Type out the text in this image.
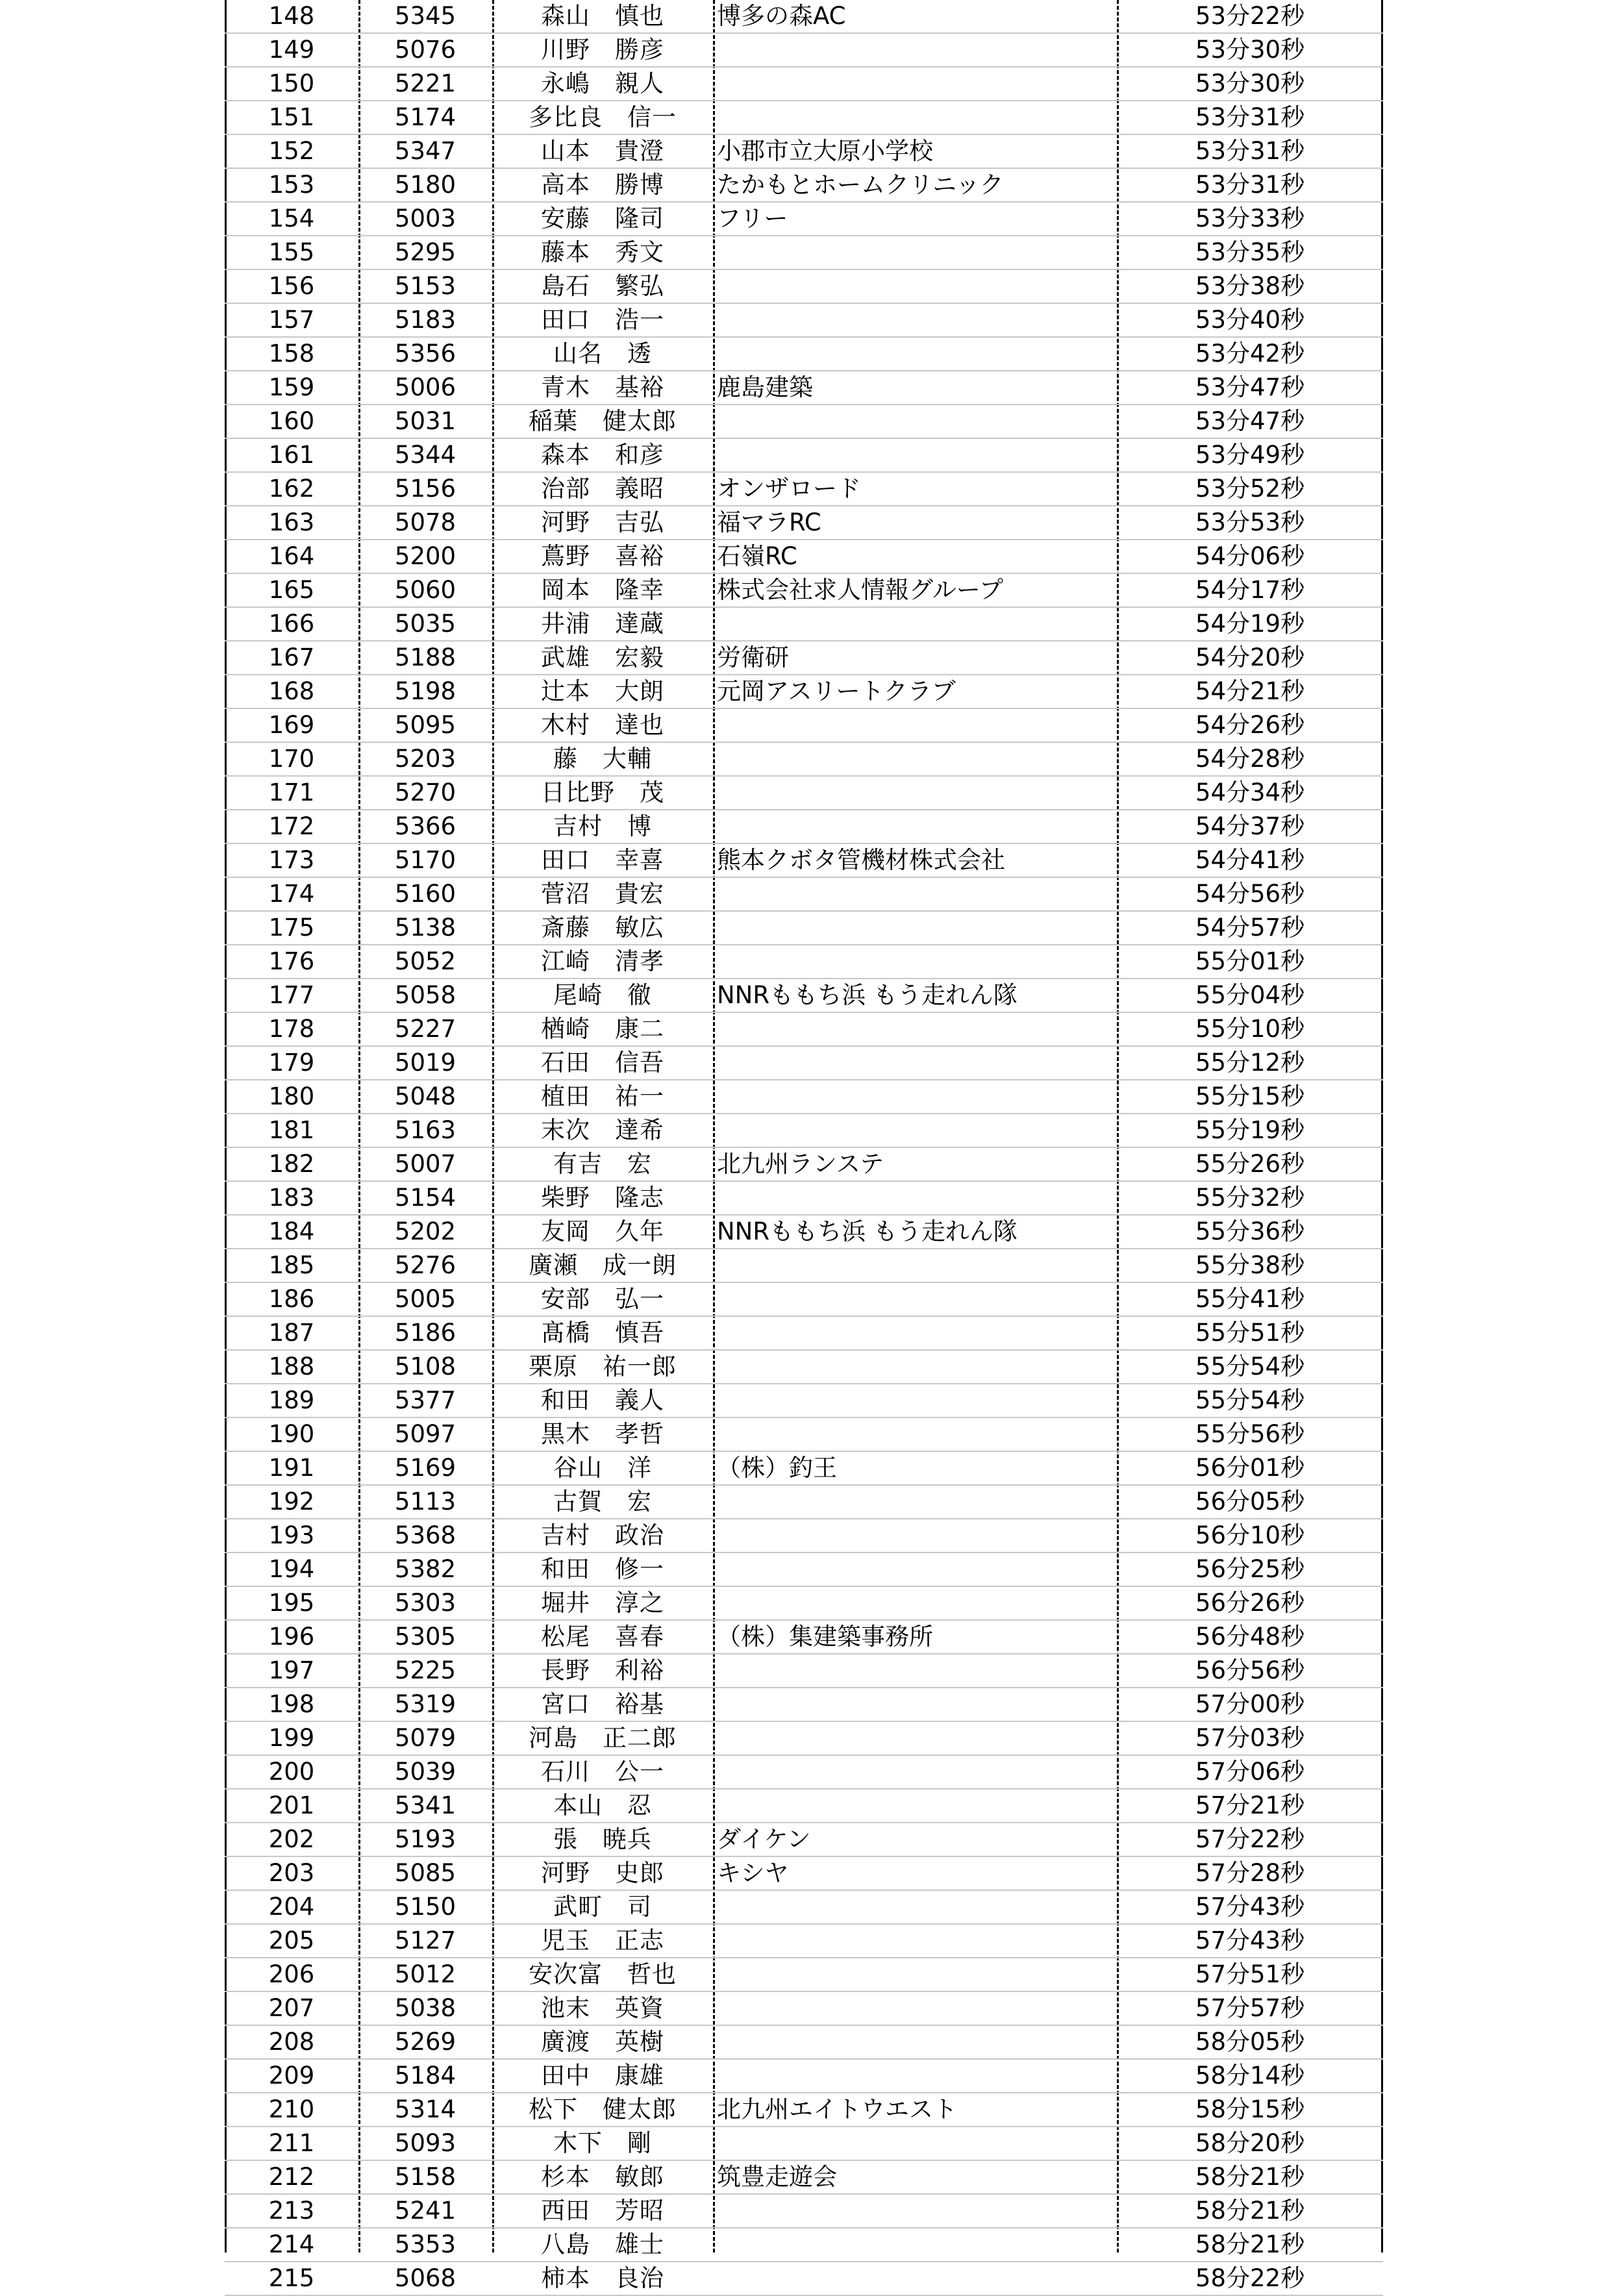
148	5345	森山　慎也	博多の森AC	53分22秒
149	5076	川野　勝彦		53分30秒
150	5221	永嶋　親人		53分30秒
151	5174	多比良　信一		53分31秒
152	5347	山本　貴澄	小郡市立大原小学校	53分31秒
153	5180	高本　勝博	たかもとホームクリニック	53分31秒
154	5003	安藤　隆司	フリー	53分33秒
155	5295	藤本　秀文		53分35秒
156	5153	島石　繁弘		53分38秒
157	5183	田口　浩一		53分40秒
158	5356	山名　透		53分42秒
159	5006	青木　基裕	鹿島建築	53分47秒
160	5031	稲葉　健太郎		53分47秒
161	5344	森本　和彦		53分49秒
162	5156	治部　義昭	オンザロード	53分52秒
163	5078	河野　吉弘	福マラRC	53分53秒
164	5200	蔦野　喜裕	石嶺RC	54分06秒
165	5060	岡本　隆幸	株式会社求人情報グループ	54分17秒
166	5035	井浦　達蔵		54分19秒
167	5188	武雄　宏毅	労衛研	54分20秒
168	5198	辻本　大朗	元岡アスリートクラブ	54分21秒
169	5095	木村　達也		54分26秒
170	5203	藤　大輔		54分28秒
171	5270	日比野　茂		54分34秒
172	5366	吉村　博		54分37秒
173	5170	田口　幸喜	熊本クボタ管機材株式会社	54分41秒
174	5160	菅沼　貴宏		54分56秒
175	5138	斎藤　敏広		54分57秒
176	5052	江崎　清孝		55分01秒
177	5058	尾崎　徹	NNRももち浜 もう走れん隊	55分04秒
178	5227	楢崎　康二		55分10秒
179	5019	石田　信吾		55分12秒
180	5048	植田　祐一		55分15秒
181	5163	末次　達希		55分19秒
182	5007	有吉　宏	北九州ランステ	55分26秒
183	5154	柴野　隆志		55分32秒
184	5202	友岡　久年	NNRももち浜 もう走れん隊	55分36秒
185	5276	廣瀬　成一朗		55分38秒
186	5005	安部　弘一		55分41秒
187	5186	髙橋　慎吾		55分51秒
188	5108	栗原　祐一郎		55分54秒
189	5377	和田　義人		55分54秒
190	5097	黒木　孝哲		55分56秒
191	5169	谷山　洋	（株）釣王	56分01秒
192	5113	古賀　宏		56分05秒
193	5368	吉村　政治		56分10秒
194	5382	和田　修一		56分25秒
195	5303	堀井　淳之		56分26秒
196	5305	松尾　喜春	（株）集建築事務所	56分48秒
197	5225	長野　利裕		56分56秒
198	5319	宮口　裕基		57分00秒
199	5079	河島　正二郎		57分03秒
200	5039	石川　公一		57分06秒
201	5341	本山　忍		57分21秒
202	5193	張　暁兵	ダイケン	57分22秒
203	5085	河野　史郎	キシヤ	57分28秒
204	5150	武町　司		57分43秒
205	5127	児玉　正志		57分43秒
206	5012	安次富　哲也		57分51秒
207	5038	池末　英資		57分57秒
208	5269	廣渡　英樹		58分05秒
209	5184	田中　康雄		58分14秒
210	5314	松下　健太郎	北九州エイトウエスト	58分15秒
211	5093	木下　剛		58分20秒
212	5158	杉本　敏郎	筑豊走遊会	58分21秒
213	5241	西田　芳昭		58分21秒
214	5353	八島　雄士		58分21秒
215	5068	柿本　良治		58分22秒
